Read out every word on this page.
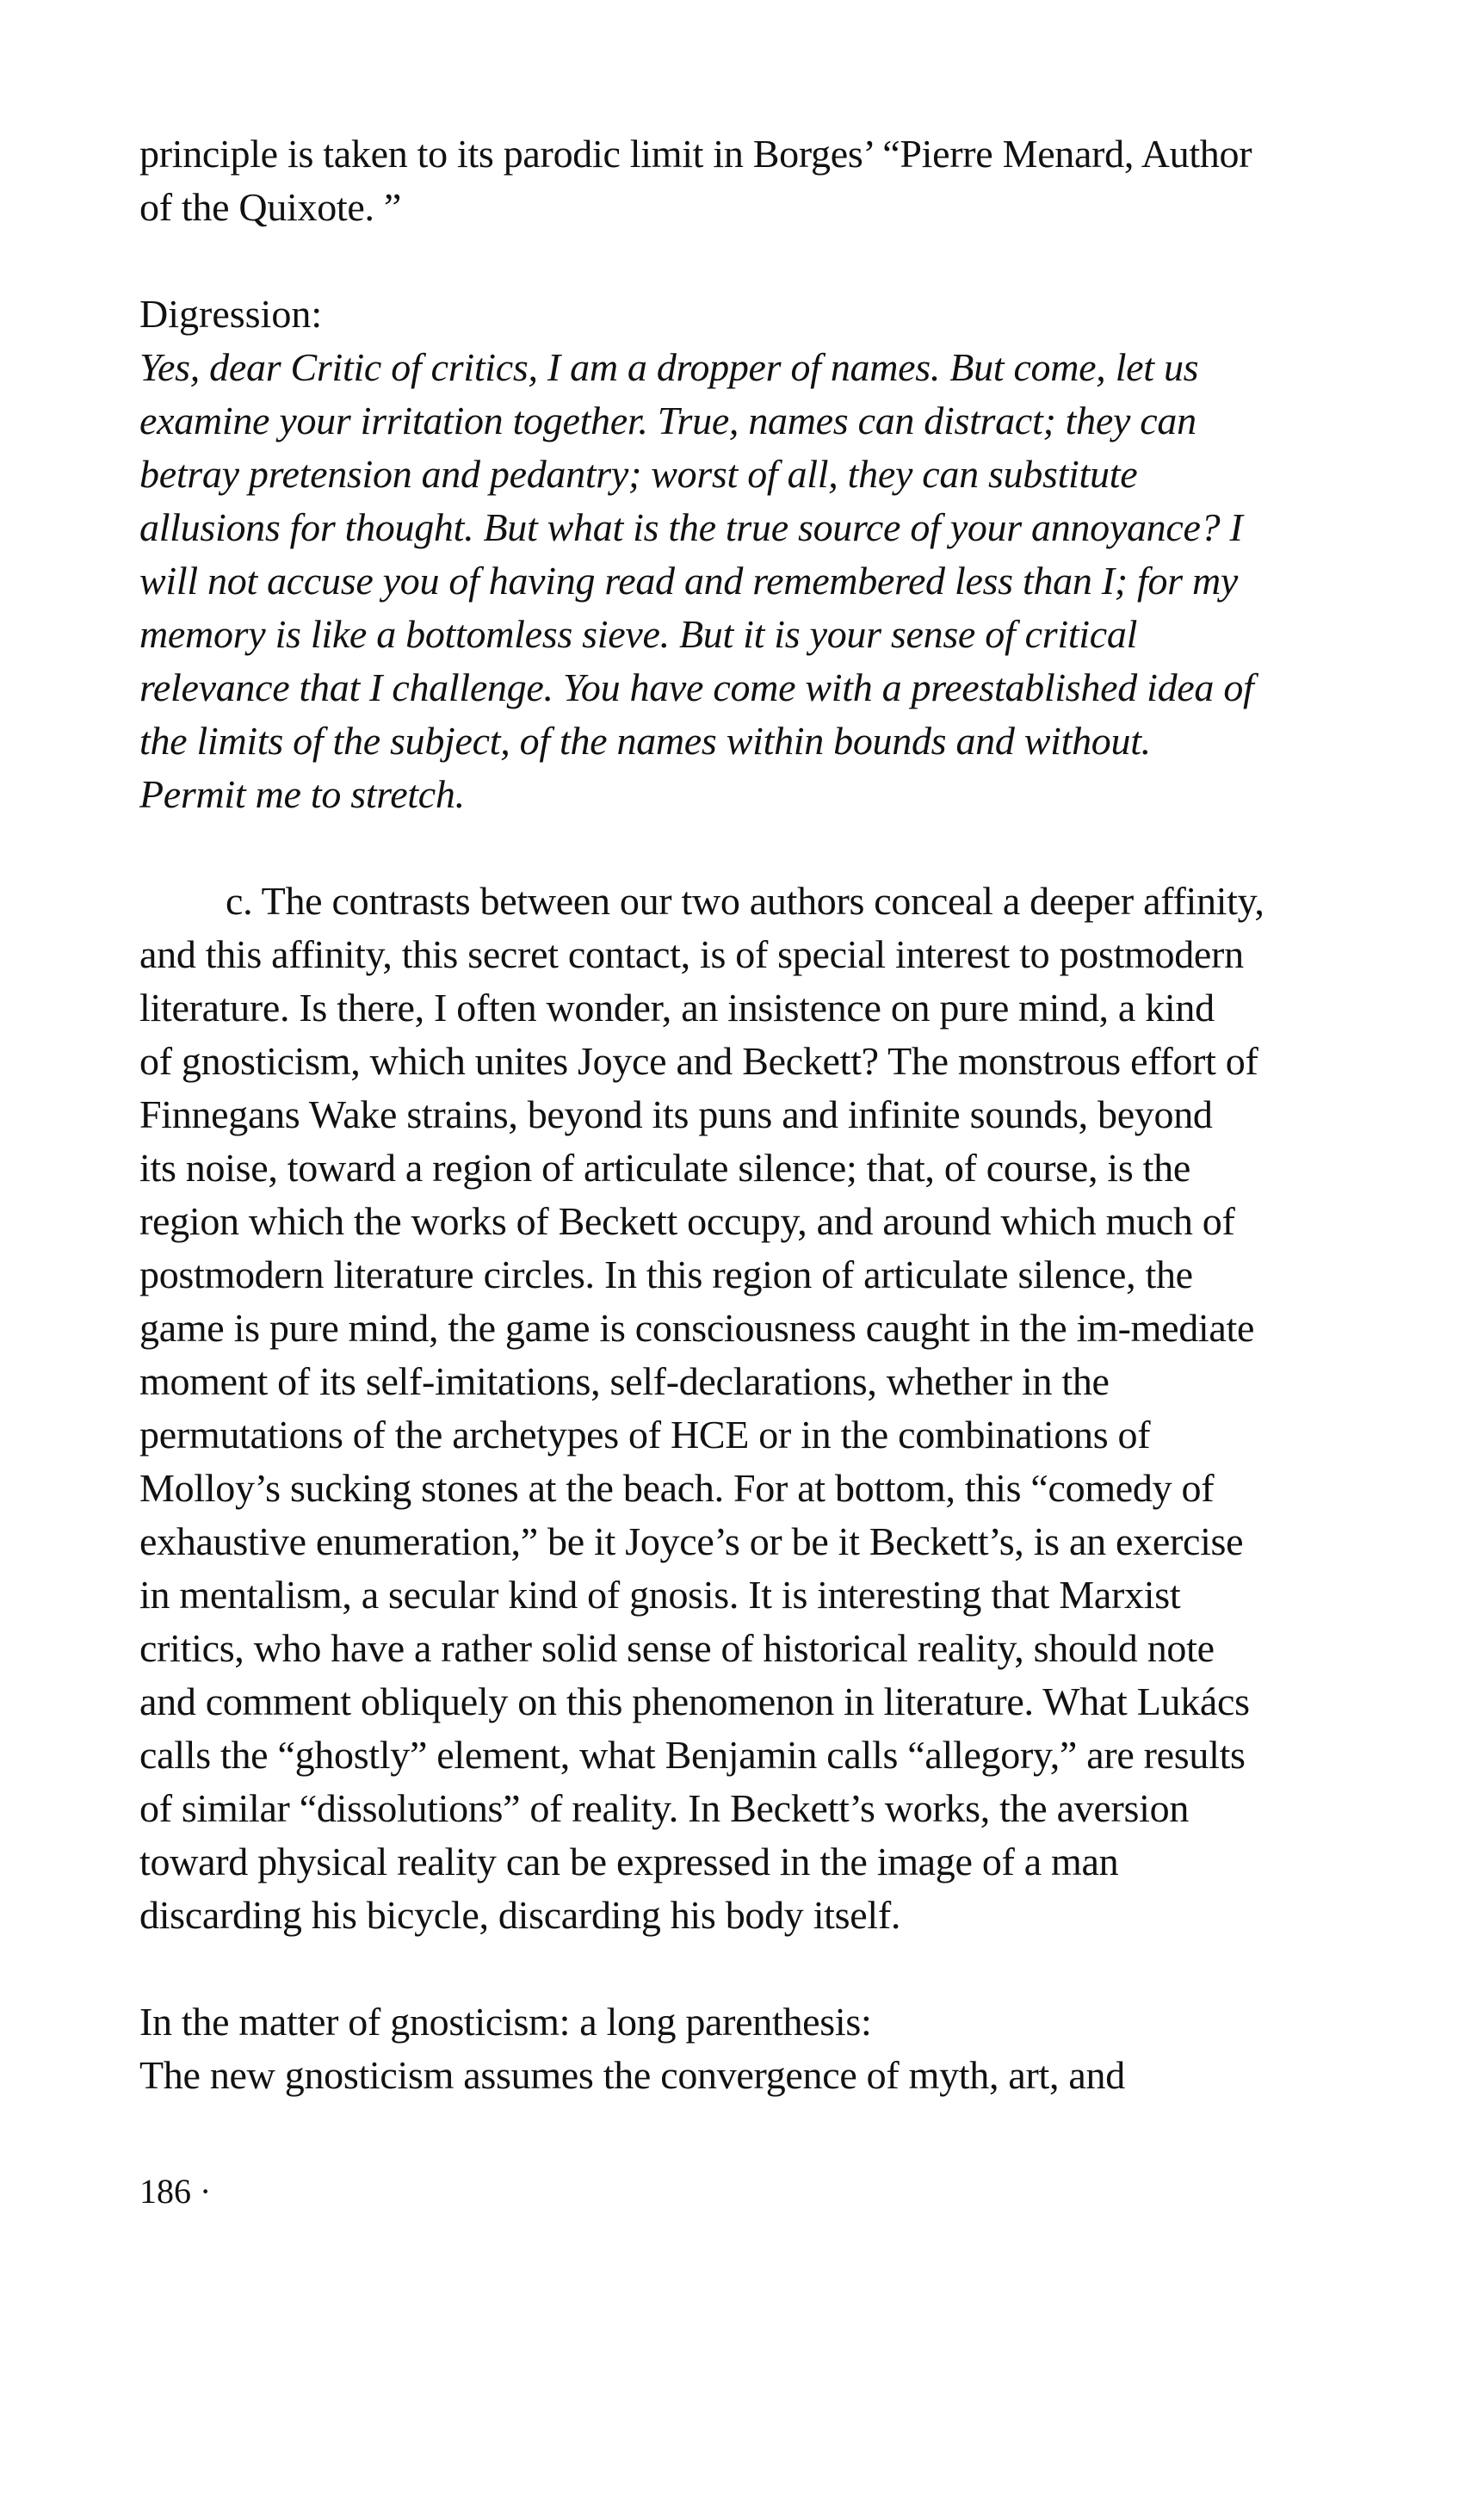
principle is taken to its parodic limit in Borges’ “Pierre Menard, Author
of the Quixote. ”
Digression:
Yes, dear Critic of critics, I am a dropper of names. But come, let us
examine your irritation together. True, names can distract; they can
betray pretension and pedantry; worst of all, they can substitute
allusions for thought. But what is the true source of your annoyance? I
will not accuse you of having read and remembered less than I; for my
memory is like a bottomless sieve. But it is your sense of critical
relevance that I challenge. You have come with a preestablished idea of
the limits of the subject, of the names within bounds and without.
Permit me to stretch.
c. The contrasts between our two authors conceal a deeper affinity,
and this affinity, this secret contact, is of special interest to postmodern
literature. Is there, I often wonder, an insistence on pure mind, a kind
of gnosticism, which unites Joyce and Beckett? The monstrous effort of
Finnegans Wake strains, beyond its puns and infinite sounds, beyond
its noise, toward a region of articulate silence; that, of course, is the
region which the works of Beckett occupy, and around which much of
postmodern literature circles. In this region of articulate silence, the
game is pure mind, the game is consciousness caught in the im-mediate
moment of its self-imitations, self-declarations, whether in the
permutations of the archetypes of HCE or in the combinations of
Molloy’s sucking stones at the beach. For at bottom, this “comedy of
exhaustive enumeration,” be it Joyce’s or be it Beckett’s, is an exercise
in mentalism, a secular kind of gnosis. It is interesting that Marxist
critics, who have a rather solid sense of historical reality, should note
and comment obliquely on this phenomenon in literature. What Lukács
calls the “ghostly” element, what Benjamin calls “allegory,” are results
of similar “dissolutions” of reality. In Beckett’s works, the aversion
toward physical reality can be expressed in the image of a man
discarding his bicycle, discarding his body itself.
In the matter of gnosticism: a long parenthesis:
The new gnosticism assumes the convergence of myth, art, and
186 ·
